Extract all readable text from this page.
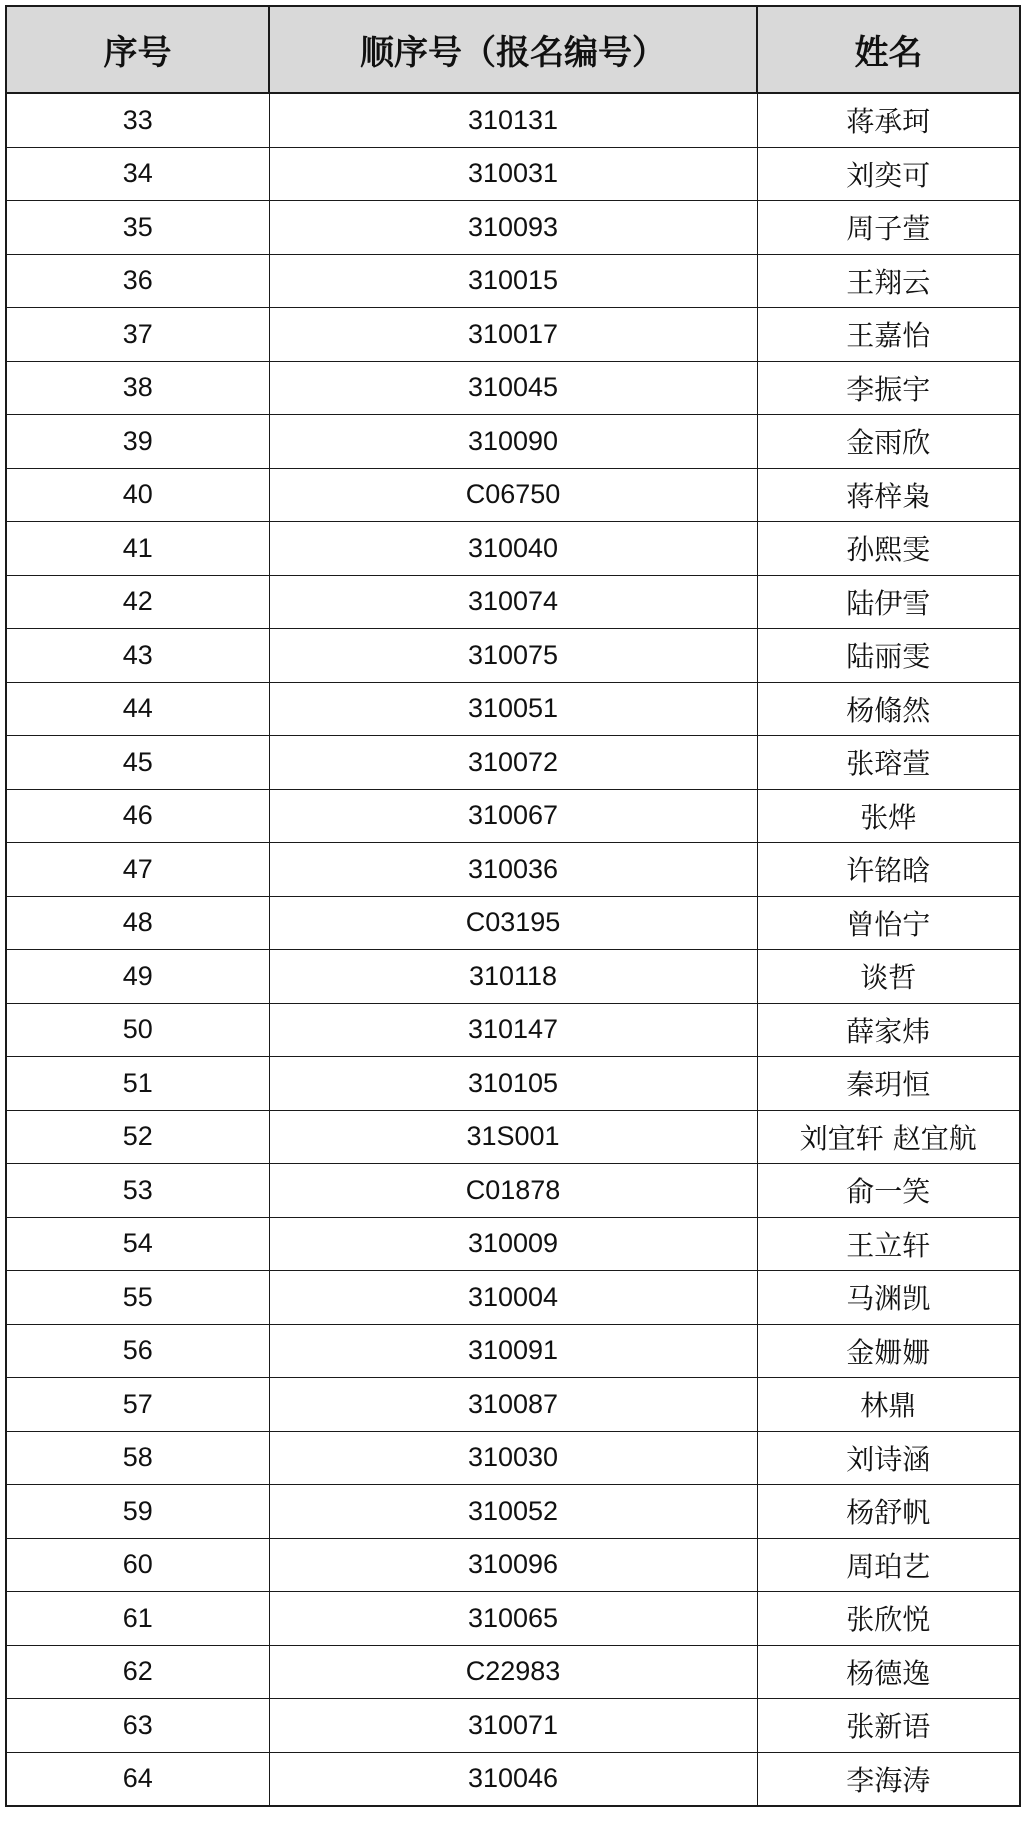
序号	顺序号（报名编号）	姓名
33	310131	蒋承珂
34	310031	刘奕可
35	310093	周子萱
36	310015	王翔云
37	310017	王嘉怡
38	310045	李振宇
39	310090	金雨欣
40	C06750	蒋梓枭
41	310040	孙熙雯
42	310074	陆伊雪
43	310075	陆丽雯
44	310051	杨翛然
45	310072	张瑢萱
46	310067	张烨
47	310036	许铭晗
48	C03195	曾怡宁
49	310118	谈哲
50	310147	薛家炜
51	310105	秦玥恒
52	31S001	刘宜轩 赵宜航
53	C01878	俞一笑
54	310009	王立轩
55	310004	马渊凯
56	310091	金姗姗
57	310087	林鼎
58	310030	刘诗涵
59	310052	杨舒帆
60	310096	周珀艺
61	310065	张欣悦
62	C22983	杨德逸
63	310071	张新语
64	310046	李海涛
